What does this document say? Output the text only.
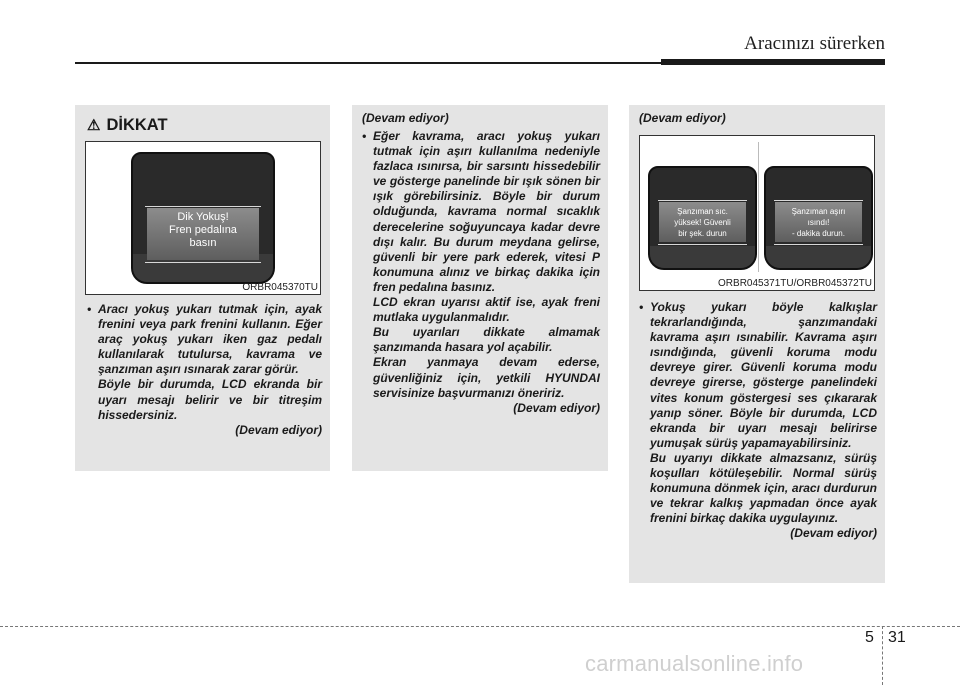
Aracınızı sürerken
⚠ DİKKAT
Dik Yokuş!
Fren pedalına
basın
ORBR045370TU

• Aracı yokuş yukarı tutmak için, ayak frenini veya park frenini kullanın. Eğer araç yokuş yukarı iken gaz pedalı kullanılarak tutulursa, kavrama ve şanzıman aşırı ısınarak zarar görür.

Böyle bir durumda, LCD ekranda bir uyarı mesajı belirir ve bir titreşim hissedersiniz.

(Devam ediyor)

(Devam ediyor)

• Eğer kavrama, aracı yokuş yukarı tutmak için aşırı kullanılma nedeniyle fazlaca ısınırsa, bir sarsıntı hissedebilir ve gösterge panelinde bir ışık sönen bir ışık görebilirsiniz. Böyle bir durum olduğunda, kavrama normal sıcaklık derecelerine soğuyuncaya kadar devre dışı kalır. Bu durum meydana gelirse, güvenli bir yere park ederek, vitesi P konumuna alınız ve birkaç dakika için fren pedalına basınız.

LCD ekran uyarısı aktif ise, ayak freni mutlaka uygulanmalıdır.

Bu uyarıları dikkate almamak şanzımanda hasara yol açabilir.

Ekran yanmaya devam ederse, güvenliğiniz için, yetkili HYUNDAI servisinize başvurmanızı öneririz.

(Devam ediyor)

(Devam ediyor)
Şanzıman sıc.
yüksek! Güvenli
bir şek. durun
Şanzıman aşırı
ısındı!
- dakika durun.
ORBR045371TU/ORBR045372TU

• Yokuş yukarı böyle kalkışlar tekrarlandığında, şanzımandaki kavrama aşırı ısınabilir. Kavrama aşırı ısındığında, güvenli koruma modu devreye girer. Güvenli koruma modu devreye girerse, gösterge panelindeki vites konum göstergesi ses çıkararak yanıp söner. Böyle bir durumda, LCD ekranda bir uyarı mesajı belirirse yumuşak sürüş yapamayabilirsiniz.

Bu uyarıyı dikkate almazsanız, sürüş koşulları kötüleşebilir. Normal sürüş konumuna dönmek için, aracı durdurun ve tekrar kalkış yapmadan önce ayak frenini birkaç dakika uygulayınız.

(Devam ediyor)

5 31
carmanualsonline.info
